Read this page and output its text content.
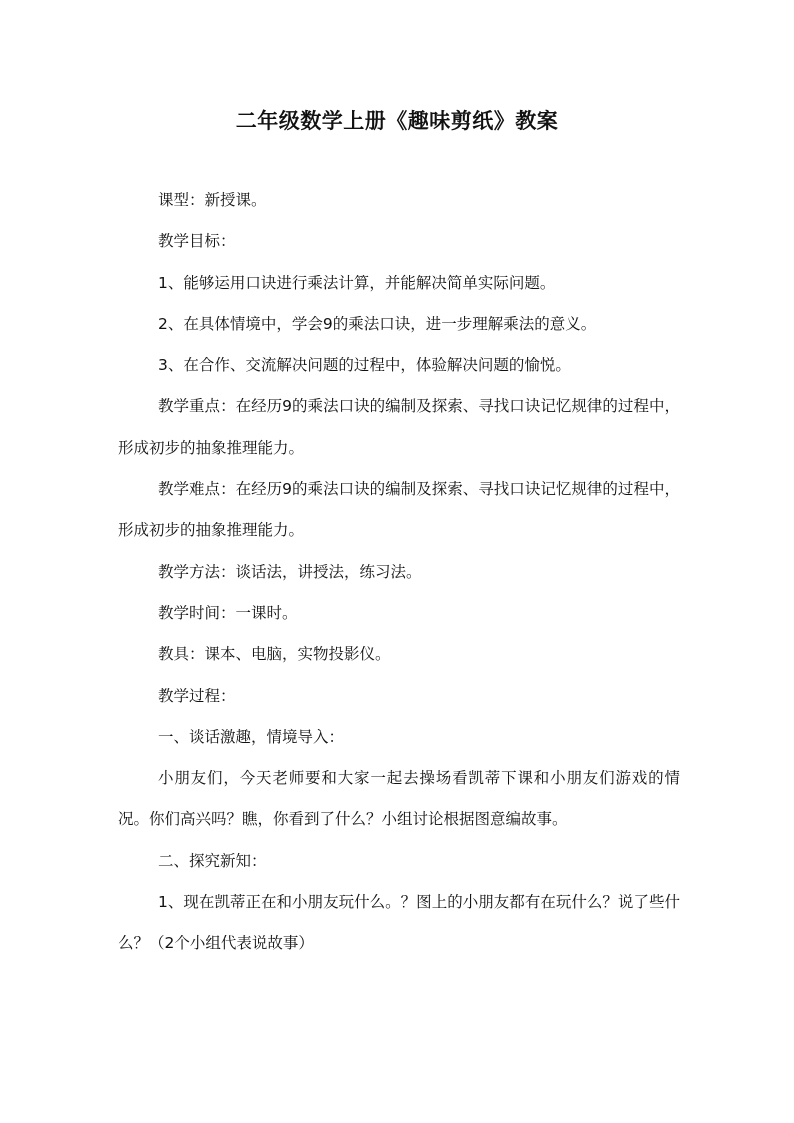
二年级数学上册《趣味剪纸》教案

课型：新授课。

教学目标：

1、能够运用口诀进行乘法计算，并能解决简单实际问题。

2、在具体情境中，学会9的乘法口诀，进一步理解乘法的意义。

3、在合作、交流解决问题的过程中，体验解决问题的愉悦。

教学重点：在经历9的乘法口诀的编制及探索、寻找口诀记忆规律的过程中，形成初步的抽象推理能力。

教学难点：在经历9的乘法口诀的编制及探索、寻找口诀记忆规律的过程中，形成初步的抽象推理能力。

教学方法：谈话法，讲授法，练习法。

教学时间：一课时。

教具：课本、电脑，实物投影仪。

教学过程：

一、谈话激趣，情境导入：

小朋友们，今天老师要和大家一起去操场看凯蒂下课和小朋友们游戏的情况。你们高兴吗？瞧，你看到了什么？小组讨论根据图意编故事。

二、探究新知：

1、现在凯蒂正在和小朋友玩什么。？图上的小朋友都有在玩什么？说了些什么？（2个小组代表说故事）
